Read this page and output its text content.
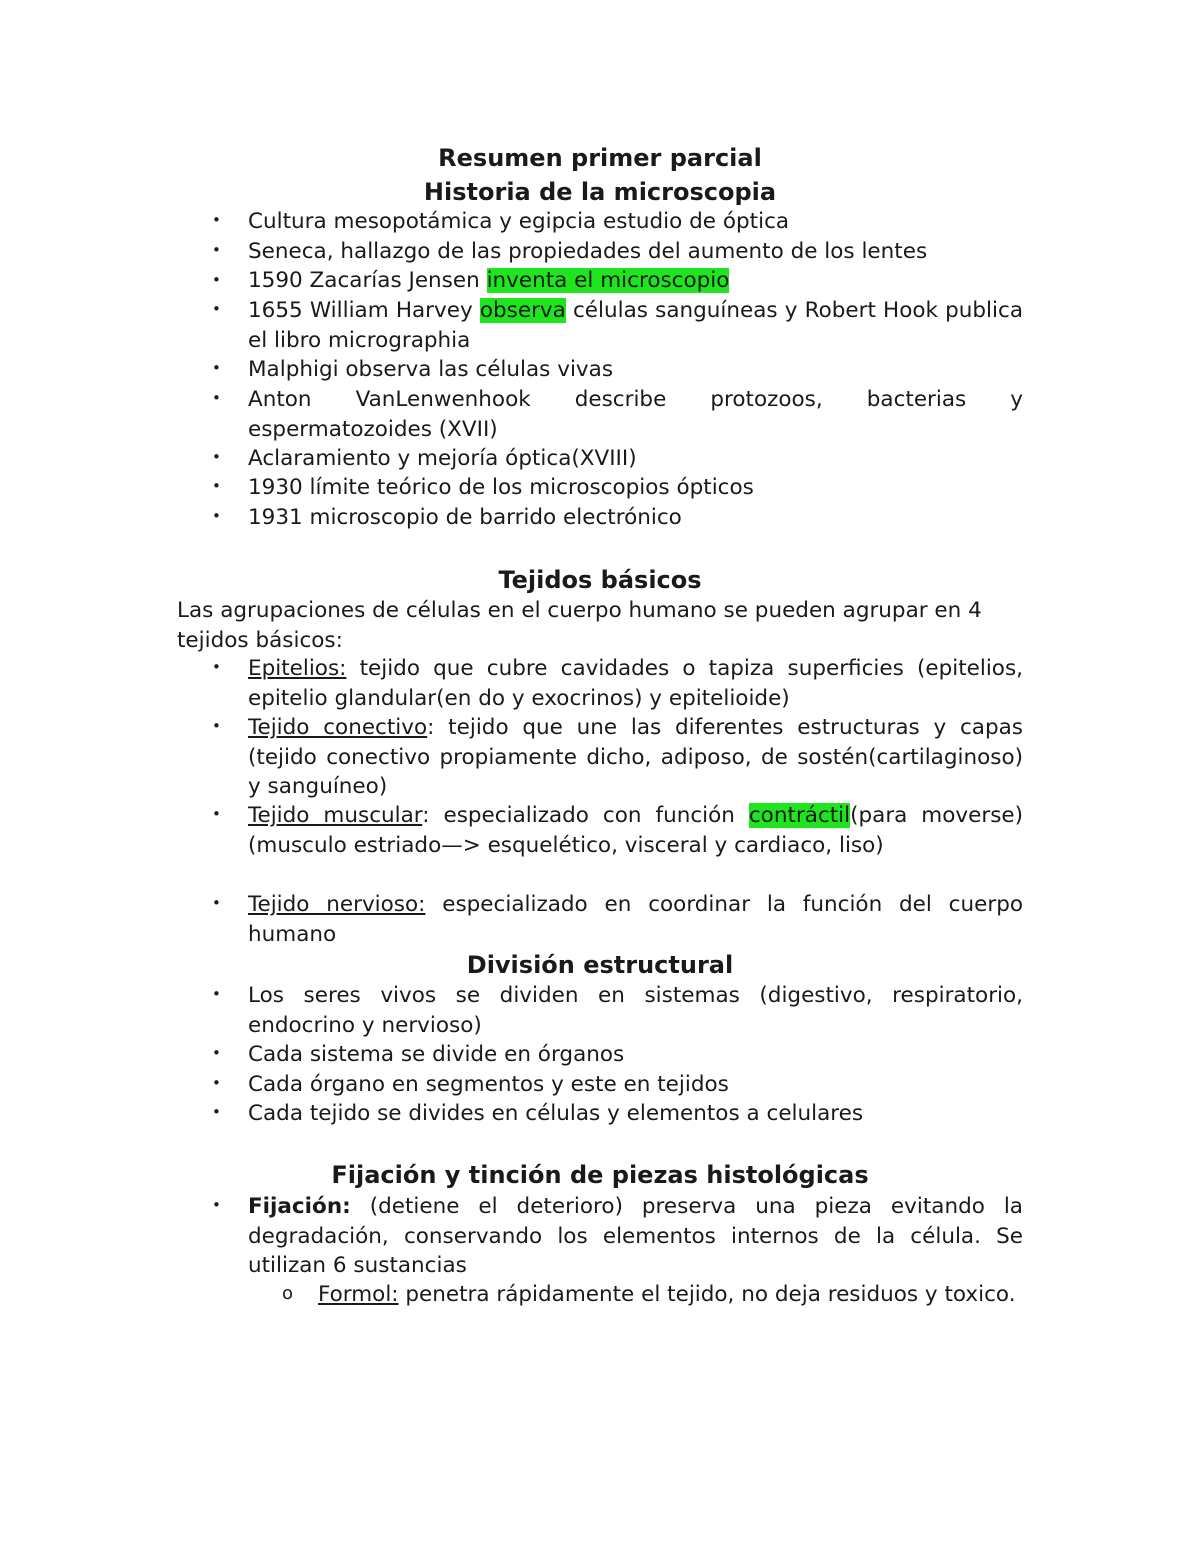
Resumen primer parcial
Historia de la microscopia
• Cultura mesopotámica y egipcia estudio de óptica
• Seneca, hallazgo de las propiedades del aumento de los lentes
• 1590 Zacarías Jensen inventa el microscopio
• 1655 William Harvey observa células sanguíneas y Robert Hook publica el libro micrographia
• Malphigi observa las células vivas
• Anton VanLenwenhook describe protozoos, bacterias y espermatozoides (XVII)
• Aclaramiento y mejoría óptica(XVIII)
• 1930 límite teórico de los microscopios ópticos
• 1931 microscopio de barrido electrónico
Tejidos básicos
Las agrupaciones de células en el cuerpo humano se pueden agrupar en 4 tejidos básicos:
• Epitelios: tejido que cubre cavidades o tapiza superficies (epitelios, epitelio glandular(en do y exocrinos) y epitelioide)
• Tejido conectivo: tejido que une las diferentes estructuras y capas (tejido conectivo propiamente dicho, adiposo, de sostén(cartilaginoso) y sanguíneo)
• Tejido muscular: especializado con función contráctil(para moverse) (musculo estriado—> esquelético, visceral y cardiaco, liso)
• Tejido nervioso: especializado en coordinar la función del cuerpo humano
División estructural
• Los seres vivos se dividen en sistemas (digestivo, respiratorio, endocrino y nervioso)
• Cada sistema se divide en órganos
• Cada órgano en segmentos y este en tejidos
• Cada tejido se divides en células y elementos a celulares
Fijación y tinción de piezas histológicas
• Fijación: (detiene el deterioro) preserva una pieza evitando la degradación, conservando los elementos internos de la célula. Se utilizan 6 sustancias
o Formol: penetra rápidamente el tejido, no deja residuos y toxico.
